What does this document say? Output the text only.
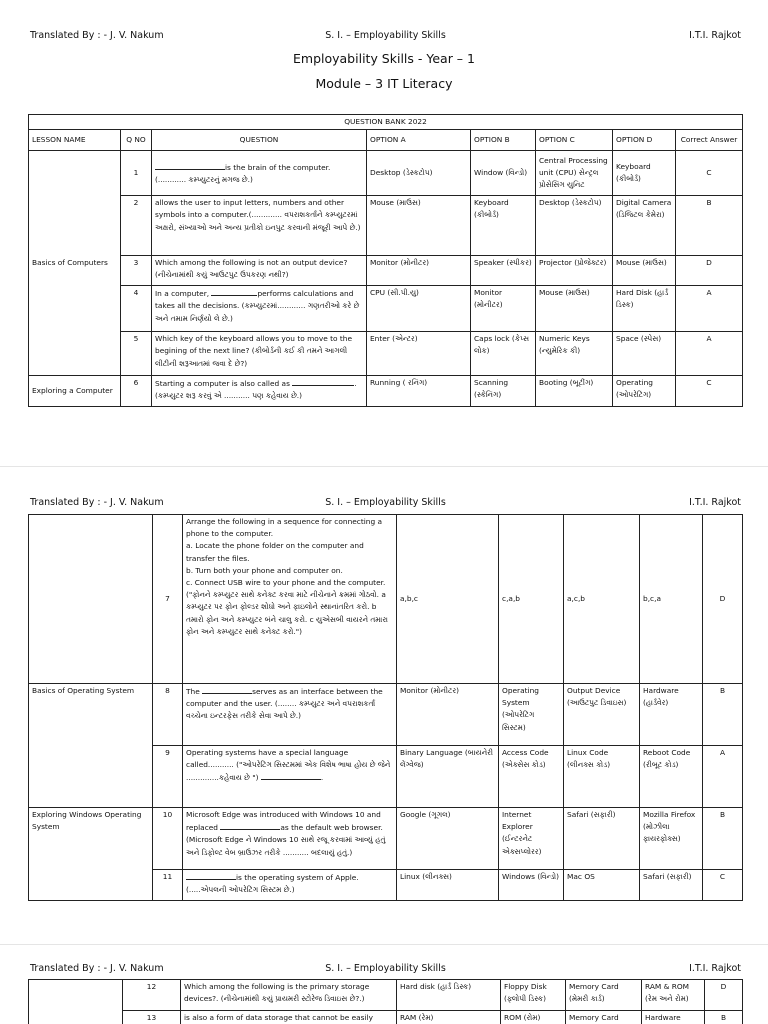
Translated By : - J. V. Nakum	S. I. – Employability Skills	I.T.I. Rajkot
Employability Skills - Year – 1
Module – 3 IT Literacy
QUESTION BANK 2022							
LESSON NAME	Q NO	QUESTION	OPTION A	OPTION B	OPTION C	OPTION D	Correct Answer
Basics of Computers	1	is the brain of the computer. (............ કમ્પ્યુટરનું મગજ છે.)	Desktop (ડેસ્કટોપ)	Window (વિન્ડો)	Central Processing unit (CPU) સેન્ટ્રલ પ્રોસેસિંગ યુનિટ	Keyboard (કીબોર્ડ)	C
	2	allows the user to input letters, numbers and other symbols into a computer.(............. વપરાશકર્તાને કમ્પ્યુટરમાં અક્ષરો, સંખ્યાઓ અને અન્ય પ્રતીકો ઇનપુટ કરવાની મંજૂરી આપે છે.)	Mouse (માઉસ)	Keyboard (કીબોર્ડ)	Desktop (ડેસ્કટોપ)	Digital Camera (ડિજિટલ કેમેરા)	B
	3	Which among the following is not an output device? (નીચેનામાંથી કયું આઉટપુટ ઉપકરણ નથી?)	Monitor (મોનીટર)	Speaker (સ્પીકર)	Projector (પ્રોજેક્ટર)	Mouse (માઉસ)	D
	4	In a computer, performs calculations and takes all the decisions. (કમ્પ્યુટરમાં............ ગણતરીઓ કરે છે અને તમામ નિર્ણયો લે છે.)	CPU (સી.પી.યુ)	Monitor (મોનીટર)	Mouse (માઉસ)	Hard Disk (હાર્ડ ડિસ્ક)	A
	5	Which key of the keyboard allows you to move to the begining of the next line? (કીબોર્ડની કઈ કી તમને આગલી લીટીની શરૂઆતમાં જવા દે છે?)	Enter (એન્ટર)	Caps lock (કેપ્સ લોક)	Numeric Keys (ન્યુમેરિક કી)	Space (સ્પેસ)	A
Exploring a Computer	6	Starting a computer is also called as . (કમ્પ્યુટર શરૂ કરવું એ ........... પણ કહેવાય છે.)	Running ( રનિંગ)	Scanning (સ્કેનિંગ)	Booting (બૂટીંગ)	Operating (ઓપરેટિંગ)	C
Translated By : - J. V. Nakum	S. I. – Employability Skills	I.T.I. Rajkot
	7	Arrange the following in a sequence for connecting a phone to the computer.
a. Locate the phone folder on the computer and transfer the files.
b. Turn both your phone and computer on.
c. Connect USB wire to your phone and the computer. ("ફોનને કમ્પ્યુટર સાથે કનેક્ટ કરવા માટે નીચેનાને ક્રમમાં ગોઠવો. a કમ્પ્યુટર પર ફોન ફોલ્ડર શોધો અને ફાઇલોને સ્થાનાંતરિત કરો. b તમારો ફોન અને કમ્પ્યુટર બંને ચાલુ કરો. c યુએસબી વાયરને તમારા ફોન અને કમ્પ્યુટર સાથે કનેક્ટ કરો.")	a,b,c	c,a,b	a,c,b	b,c,a	D
Basics of Operating System	8	The serves as an interface between the computer and the user. (........ કમ્પ્યુટર અને વપરાશકર્તા વચ્ચેના ઇન્ટરફેસ તરીકે સેવા આપે છે.)	Monitor (મોનીટર)	Operating System (ઓપરેટિંગ સિસ્ટમ)	Output Device (આઉટપુટ ડિવાઇસ)	Hardware (હાર્ડવેર)	B
	9	Operating systems have a special language called........... ("ઓપરેટિંગ સિસ્ટમમાં એક વિશેષ ભાષા હોય છે જેને ..............કહેવાય છે ") .	Binary Language (બાયનેરી લેંગ્વેજ)	Access Code (એક્સેસ કોડ)	Linux Code (લીનક્સ કોડ)	Reboot Code (રીબૂટ કોડ)	A
Exploring Windows Operating System	10	Microsoft Edge was introduced with Windows 10 and replaced as the default web browser. (Microsoft Edge ને Windows 10 સાથે રજૂ કરવામાં આવ્યું હતું અને ડિફોલ્ટ વેબ બ્રાઉઝર તરીકે ........... બદલાયું હતું.)	Google (ગૂગલ)	Internet Explorer (ઈન્ટરનેટ એક્સપ્લોરર)	Safari (સફારી)	Mozilla Firefox (મોઝીલા ફાયરફોક્સ)	B
	11	is the operating system of Apple. (.....એપલની ઓપરેટિંગ સિસ્ટમ છે.)	Linux (લીનક્સ)	Windows (વિન્ડો)	Mac OS	Safari (સફારી)	C
Translated By : - J. V. Nakum	S. I. – Employability Skills	I.T.I. Rajkot
	12	Which among the following is the primary storage devices?. (નીચેનામાંથી કયું પ્રાયમરી સ્ટોરેજ ડિવાઇસ છે?.)	Hard disk (હાર્ડ ડિસ્ક)	Floppy Disk (ફ્લોપી ડિસ્ક)	Memory Card (મેમરી કાર્ડ)	RAM & ROM (રેમ અને રોમ)	D
	13	is also a form of data storage that cannot be easily	RAM (રેમ)	ROM (રોમ)	Memory Card	Hardware	B
